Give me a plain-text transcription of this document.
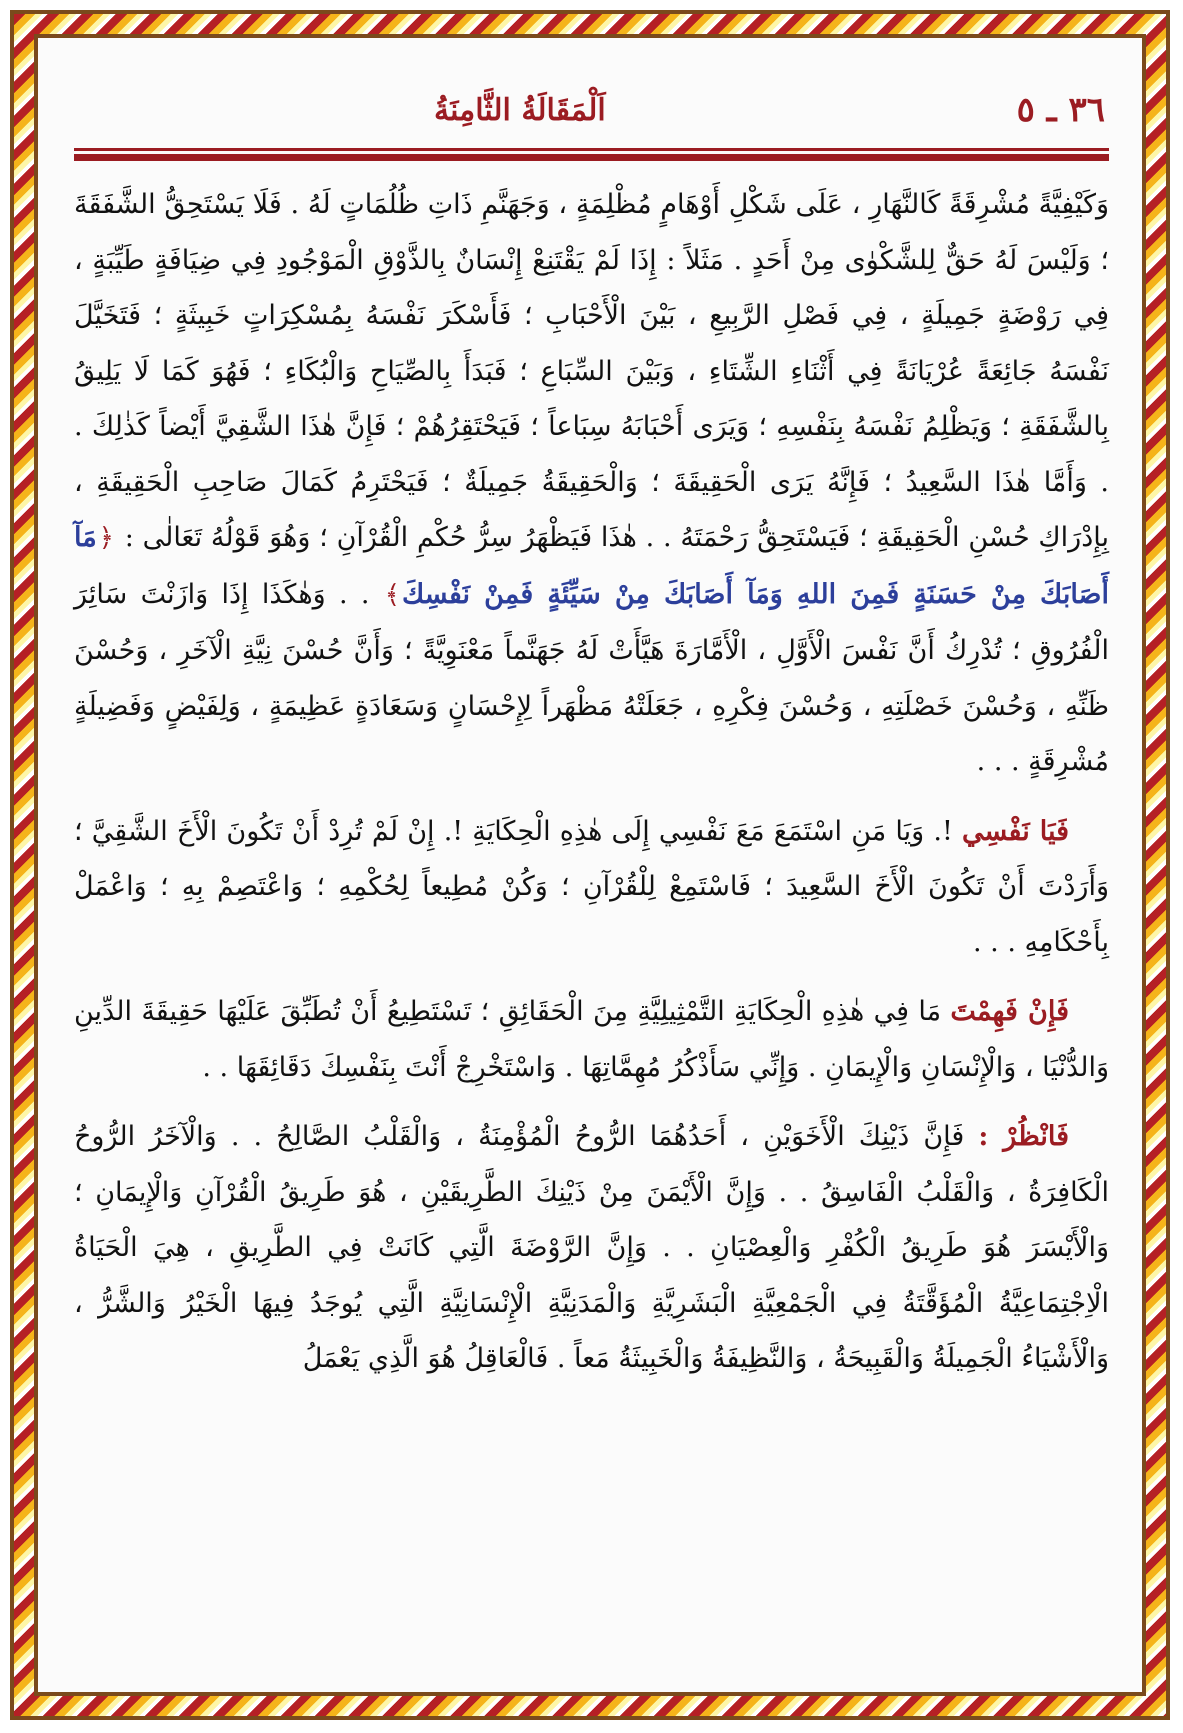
٣٦ ـ ٥
اَلْمَقَالَةُ الثَّامِنَةُ

وَكَيْفِيَّةً مُشْرِقَةً كَالنَّهَارِ ، عَلَى شَكْلِ أَوْهَامٍ مُظْلِمَةٍ ، وَجَهَنَّمِ ذَاتِ ظُلُمَاتٍ لَهُ . فَلَا يَسْتَحِقُّ الشَّفَقَةَ ؛ وَلَيْسَ لَهُ حَقٌّ لِلشَّكْوٰى مِنْ أَحَدٍ . مَثَلاً : إِذَا لَمْ يَقْتَنِعْ إِنْسَانٌ بِالذَّوْقِ الْمَوْجُودِ فِي ضِيَافَةٍ طَيِّبَةٍ ، فِي رَوْضَةٍ جَمِيلَةٍ ، فِي فَصْلِ الرَّبِيعِ ، بَيْنَ الْأَحْبَابِ ؛ فَأَسْكَرَ نَفْسَهُ بِمُسْكِرَاتٍ خَبِيثَةٍ ؛ فَتَخَيَّلَ نَفْسَهُ جَائِعَةً عُرْيَانَةً فِي أَثْنَاءِ الشِّتَاءِ ، وَبَيْنَ السِّبَاعِ ؛ فَبَدَأَ بِالصِّيَاحِ وَالْبُكَاءِ ؛ فَهُوَ كَمَا لَا يَلِيقُ بِالشَّفَقَةِ ؛ وَيَظْلِمُ نَفْسَهُ بِنَفْسِهِ ؛ وَيَرَى أَحْبَابَهُ سِبَاعاً ؛ فَيَحْتَقِرُهُمْ ؛ فَإِنَّ هٰذَا الشَّقِيَّ أَيْضاً كَذٰلِكَ . . وَأَمَّا هٰذَا السَّعِيدُ ؛ فَإِنَّهُ يَرَى الْحَقِيقَةَ ؛ وَالْحَقِيقَةُ جَمِيلَةٌ ؛ فَيَحْتَرِمُ كَمَالَ صَاحِبِ الْحَقِيقَةِ ، بِإِدْرَاكِ حُسْنِ الْحَقِيقَةِ ؛ فَيَسْتَحِقُّ رَحْمَتَهُ . . هٰذَا فَيَظْهَرُ سِرُّ حُكْمِ الْقُرْآنِ ؛ وَهُوَ قَوْلُهُ تَعَالٰى : ﴿مَآ أَصَابَكَ مِنْ حَسَنَةٍ فَمِنَ اللهِ وَمَآ أَصَابَكَ مِنْ سَيِّئَةٍ فَمِنْ نَفْسِكَ﴾ . . وَهٰكَذَا إِذَا وَازَنْتَ سَائِرَ الْفُرُوقِ ؛ تُدْرِكُ أَنَّ نَفْسَ الْأَوَّلِ ، الْأَمَّارَةَ هَيَّأَتْ لَهُ جَهَنَّماً مَعْنَوِيَّةً ؛ وَأَنَّ حُسْنَ نِيَّةِ الْآخَرِ ، وَحُسْنَ ظَنِّهِ ، وَحُسْنَ خَصْلَتِهِ ، وَحُسْنَ فِكْرِهِ ، جَعَلَتْهُ مَظْهَراً لِإِحْسَانٍ وَسَعَادَةٍ عَظِيمَةٍ ، وَلِفَيْضٍ وَفَضِيلَةٍ مُشْرِقَةٍ . . .

فَيَا نَفْسِي !. وَيَا مَنِ اسْتَمَعَ مَعَ نَفْسِي إِلَى هٰذِهِ الْحِكَايَةِ !. إِنْ لَمْ تُرِدْ أَنْ تَكُونَ الْأَخَ الشَّقِيَّ ؛ وَأَرَدْتَ أَنْ تَكُونَ الْأَخَ السَّعِيدَ ؛ فَاسْتَمِعْ لِلْقُرْآنِ ؛ وَكُنْ مُطِيعاً لِحُكْمِهِ ؛ وَاعْتَصِمْ بِهِ ؛ وَاعْمَلْ بِأَحْكَامِهِ . . .

فَإِنْ فَهِمْتَ مَا فِي هٰذِهِ الْحِكَايَةِ التَّمْثِيلِيَّةِ مِنَ الْحَقَائِقِ ؛ تَسْتَطِيعُ أَنْ تُطَبِّقَ عَلَيْهَا حَقِيقَةَ الدِّينِ وَالدُّنْيَا ، وَالْإِنْسَانِ وَالْإِيمَانِ . وَإِنِّي سَأَذْكُرُ مُهِمَّاتِهَا . وَاسْتَخْرِجْ أَنْتَ بِنَفْسِكَ دَقَائِقَهَا . .

فَانْظُرْ : فَإِنَّ ذَيْنِكَ الْأَخَوَيْنِ ، أَحَدُهُمَا الرُّوحُ الْمُؤْمِنَةُ ، وَالْقَلْبُ الصَّالِحُ . . وَالْآخَرُ الرُّوحُ الْكَافِرَةُ ، وَالْقَلْبُ الْفَاسِقُ . . وَإِنَّ الْأَيْمَنَ مِنْ ذَيْنِكَ الطَّرِيقَيْنِ ، هُوَ طَرِيقُ الْقُرْآنِ وَالْإِيمَانِ ؛ وَالْأَيْسَرَ هُوَ طَرِيقُ الْكُفْرِ وَالْعِصْيَانِ . . وَإِنَّ الرَّوْضَةَ الَّتِي كَانَتْ فِي الطَّرِيقِ ، هِيَ الْحَيَاةُ الْاِجْتِمَاعِيَّةُ الْمُؤَقَّتَةُ فِي الْجَمْعِيَّةِ الْبَشَرِيَّةِ وَالْمَدَنِيَّةِ الْإِنْسَانِيَّةِ الَّتِي يُوجَدُ فِيهَا الْخَيْرُ وَالشَّرُّ ، وَالْأَشْيَاءُ الْجَمِيلَةُ وَالْقَبِيحَةُ ، وَالنَّظِيفَةُ وَالْخَبِيثَةُ مَعاً . فَالْعَاقِلُ هُوَ الَّذِي يَعْمَلُ
